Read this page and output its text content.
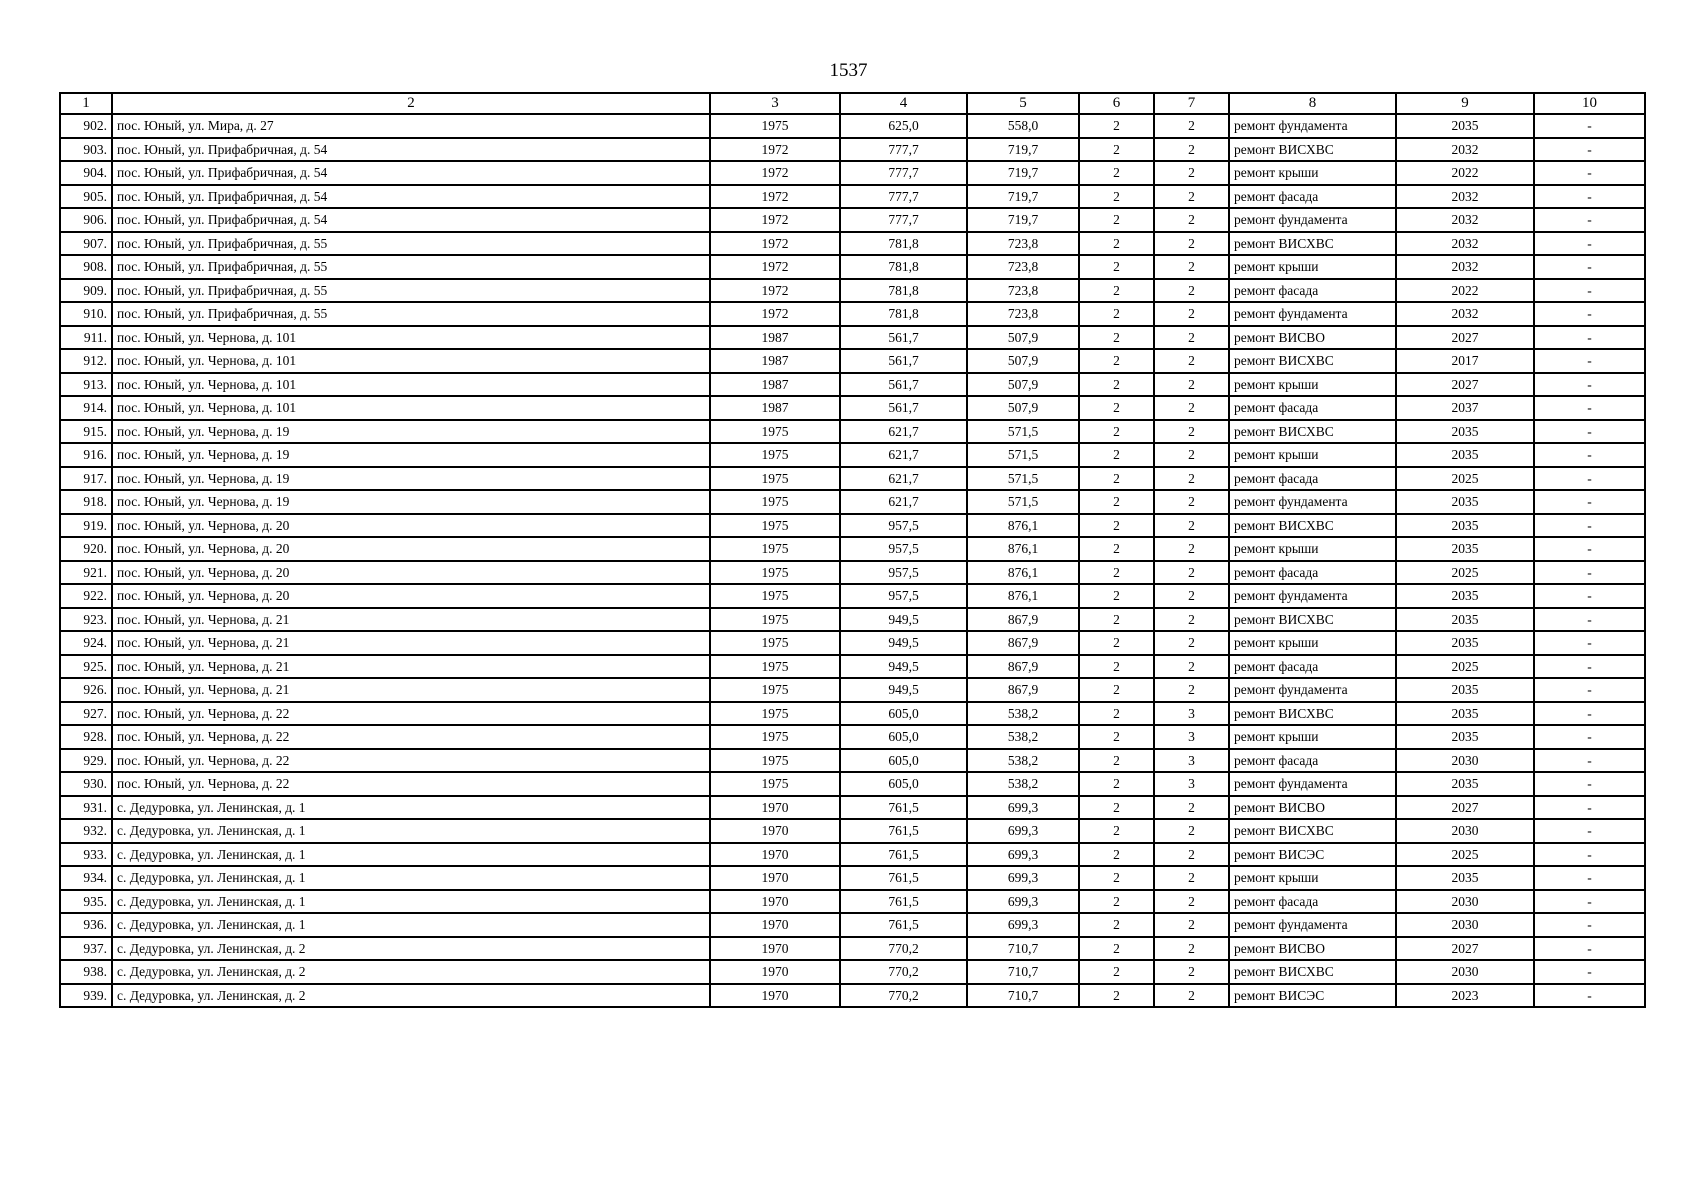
1537
1	2	3	4	5	6	7	8	9	10
902.	пос. Юный, ул. Мира, д. 27	1975	625,0	558,0	2	2	ремонт фундамента	2035	-
903.	пос. Юный, ул. Прифабричная, д. 54	1972	777,7	719,7	2	2	ремонт ВИСХВС	2032	-
904.	пос. Юный, ул. Прифабричная, д. 54	1972	777,7	719,7	2	2	ремонт крыши	2022	-
905.	пос. Юный, ул. Прифабричная, д. 54	1972	777,7	719,7	2	2	ремонт фасада	2032	-
906.	пос. Юный, ул. Прифабричная, д. 54	1972	777,7	719,7	2	2	ремонт фундамента	2032	-
907.	пос. Юный, ул. Прифабричная, д. 55	1972	781,8	723,8	2	2	ремонт ВИСХВС	2032	-
908.	пос. Юный, ул. Прифабричная, д. 55	1972	781,8	723,8	2	2	ремонт крыши	2032	-
909.	пос. Юный, ул. Прифабричная, д. 55	1972	781,8	723,8	2	2	ремонт фасада	2022	-
910.	пос. Юный, ул. Прифабричная, д. 55	1972	781,8	723,8	2	2	ремонт фундамента	2032	-
911.	пос. Юный, ул. Чернова, д. 101	1987	561,7	507,9	2	2	ремонт ВИСВО	2027	-
912.	пос. Юный, ул. Чернова, д. 101	1987	561,7	507,9	2	2	ремонт ВИСХВС	2017	-
913.	пос. Юный, ул. Чернова, д. 101	1987	561,7	507,9	2	2	ремонт крыши	2027	-
914.	пос. Юный, ул. Чернова, д. 101	1987	561,7	507,9	2	2	ремонт фасада	2037	-
915.	пос. Юный, ул. Чернова, д. 19	1975	621,7	571,5	2	2	ремонт ВИСХВС	2035	-
916.	пос. Юный, ул. Чернова, д. 19	1975	621,7	571,5	2	2	ремонт крыши	2035	-
917.	пос. Юный, ул. Чернова, д. 19	1975	621,7	571,5	2	2	ремонт фасада	2025	-
918.	пос. Юный, ул. Чернова, д. 19	1975	621,7	571,5	2	2	ремонт фундамента	2035	-
919.	пос. Юный, ул. Чернова, д. 20	1975	957,5	876,1	2	2	ремонт ВИСХВС	2035	-
920.	пос. Юный, ул. Чернова, д. 20	1975	957,5	876,1	2	2	ремонт крыши	2035	-
921.	пос. Юный, ул. Чернова, д. 20	1975	957,5	876,1	2	2	ремонт фасада	2025	-
922.	пос. Юный, ул. Чернова, д. 20	1975	957,5	876,1	2	2	ремонт фундамента	2035	-
923.	пос. Юный, ул. Чернова, д. 21	1975	949,5	867,9	2	2	ремонт ВИСХВС	2035	-
924.	пос. Юный, ул. Чернова, д. 21	1975	949,5	867,9	2	2	ремонт крыши	2035	-
925.	пос. Юный, ул. Чернова, д. 21	1975	949,5	867,9	2	2	ремонт фасада	2025	-
926.	пос. Юный, ул. Чернова, д. 21	1975	949,5	867,9	2	2	ремонт фундамента	2035	-
927.	пос. Юный, ул. Чернова, д. 22	1975	605,0	538,2	2	3	ремонт ВИСХВС	2035	-
928.	пос. Юный, ул. Чернова, д. 22	1975	605,0	538,2	2	3	ремонт крыши	2035	-
929.	пос. Юный, ул. Чернова, д. 22	1975	605,0	538,2	2	3	ремонт фасада	2030	-
930.	пос. Юный, ул. Чернова, д. 22	1975	605,0	538,2	2	3	ремонт фундамента	2035	-
931.	с. Дедуровка, ул. Ленинская, д. 1	1970	761,5	699,3	2	2	ремонт ВИСВО	2027	-
932.	с. Дедуровка, ул. Ленинская, д. 1	1970	761,5	699,3	2	2	ремонт ВИСХВС	2030	-
933.	с. Дедуровка, ул. Ленинская, д. 1	1970	761,5	699,3	2	2	ремонт ВИСЭС	2025	-
934.	с. Дедуровка, ул. Ленинская, д. 1	1970	761,5	699,3	2	2	ремонт крыши	2035	-
935.	с. Дедуровка, ул. Ленинская, д. 1	1970	761,5	699,3	2	2	ремонт фасада	2030	-
936.	с. Дедуровка, ул. Ленинская, д. 1	1970	761,5	699,3	2	2	ремонт фундамента	2030	-
937.	с. Дедуровка, ул. Ленинская, д. 2	1970	770,2	710,7	2	2	ремонт ВИСВО	2027	-
938.	с. Дедуровка, ул. Ленинская, д. 2	1970	770,2	710,7	2	2	ремонт ВИСХВС	2030	-
939.	с. Дедуровка, ул. Ленинская, д. 2	1970	770,2	710,7	2	2	ремонт ВИСЭС	2023	-
